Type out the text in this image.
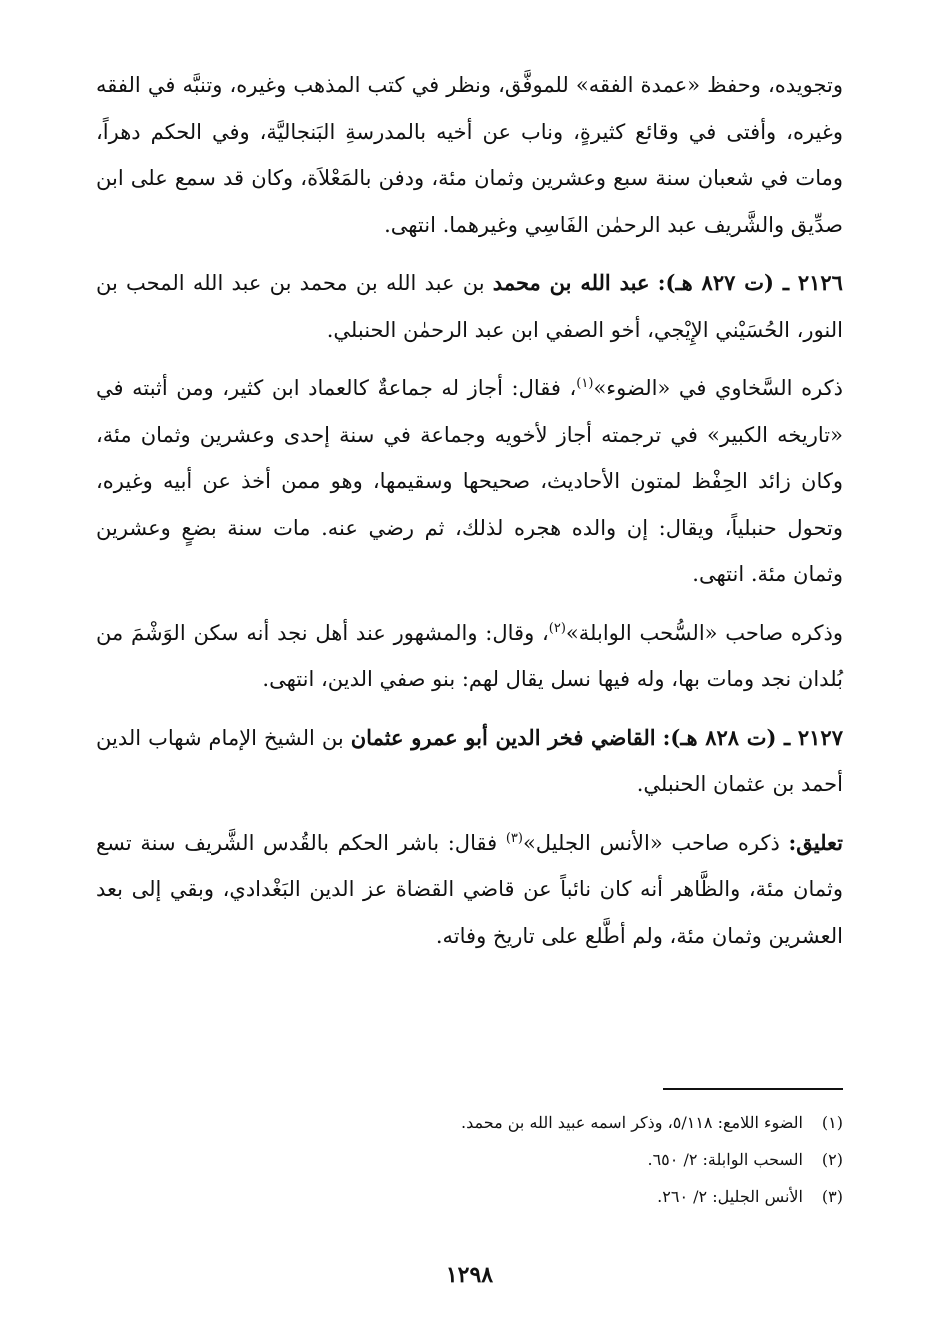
وتجويده، وحفظ «عمدة الفقه» للموفَّق، ونظر في كتب المذهب وغيره، وتنبَّه في الفقه وغيره، وأفتى في وقائع كثيرةٍ، وناب عن أخيه بالمدرسةِ البَنجاليَّة، وفي الحكم دهراً، ومات في شعبان سنة سبع وعشرين وثمان مئة، ودفن بالمَعْلاَة، وكان قد سمع على ابن صدِّيق والشَّريف عبد الرحمٰن الفَاسِي وغيرهما. انتهى.

٢١٢٦ ـ (ت ٨٢٧ هـ): عبد الله بن محمد بن عبد الله بن محمد بن عبد الله المحب بن النور، الحُسَيْني الإِيْجي، أخو الصفي ابن عبد الرحمٰن الحنبلي.

ذكره السَّخاوي في «الضوء»$^{(١)}$، فقال: أجاز له جماعةٌ كالعماد ابن كثير، ومن أثبته في «تاريخه الكبير» في ترجمته أجاز لأخويه وجماعة في سنة إحدى وعشرين وثمان مئة، وكان زائد الحِفْظ لمتون الأحاديث، صحيحها وسقيمها، وهو ممن أخذ عن أبيه وغيره، وتحول حنبلياً، ويقال: إن والده هجره لذلك، ثم رضي عنه. مات سنة بضعٍ وعشرين وثمان مئة. انتهى.

وذكره صاحب «السُّحب الوابلة»$^{(٢)}$، وقال: والمشهور عند أهل نجد أنه سكن الوَشْمَ من بُلدان نجد ومات بها، وله فيها نسل يقال لهم: بنو صفي الدين، انتهى.

٢١٢٧ ـ (ت ٨٢٨ هـ): القاضي فخر الدين أبو عمرو عثمان بن الشيخ الإمام شهاب الدين أحمد بن عثمان الحنبلي.

تعليق: ذكره صاحب «الأنس الجليل»$^{(٣)}$ فقال: باشر الحكم بالقُدس الشَّريف سنة تسع وثمان مئة، والظَّاهر أنه كان نائباً عن قاضي القضاة عز الدين البَغْدادي، وبقي إلى بعد العشرين وثمان مئة، ولم أطَّلع على تاريخ وفاته.

(١)الضوء اللامع: ٥/١١٨، وذكر اسمه عبيد الله بن محمد.

(٢)السحب الوابلة: ٢/ ٦٥٠.

(٣)الأنس الجليل: ٢/ ٢٦٠.

١٢٩٨
